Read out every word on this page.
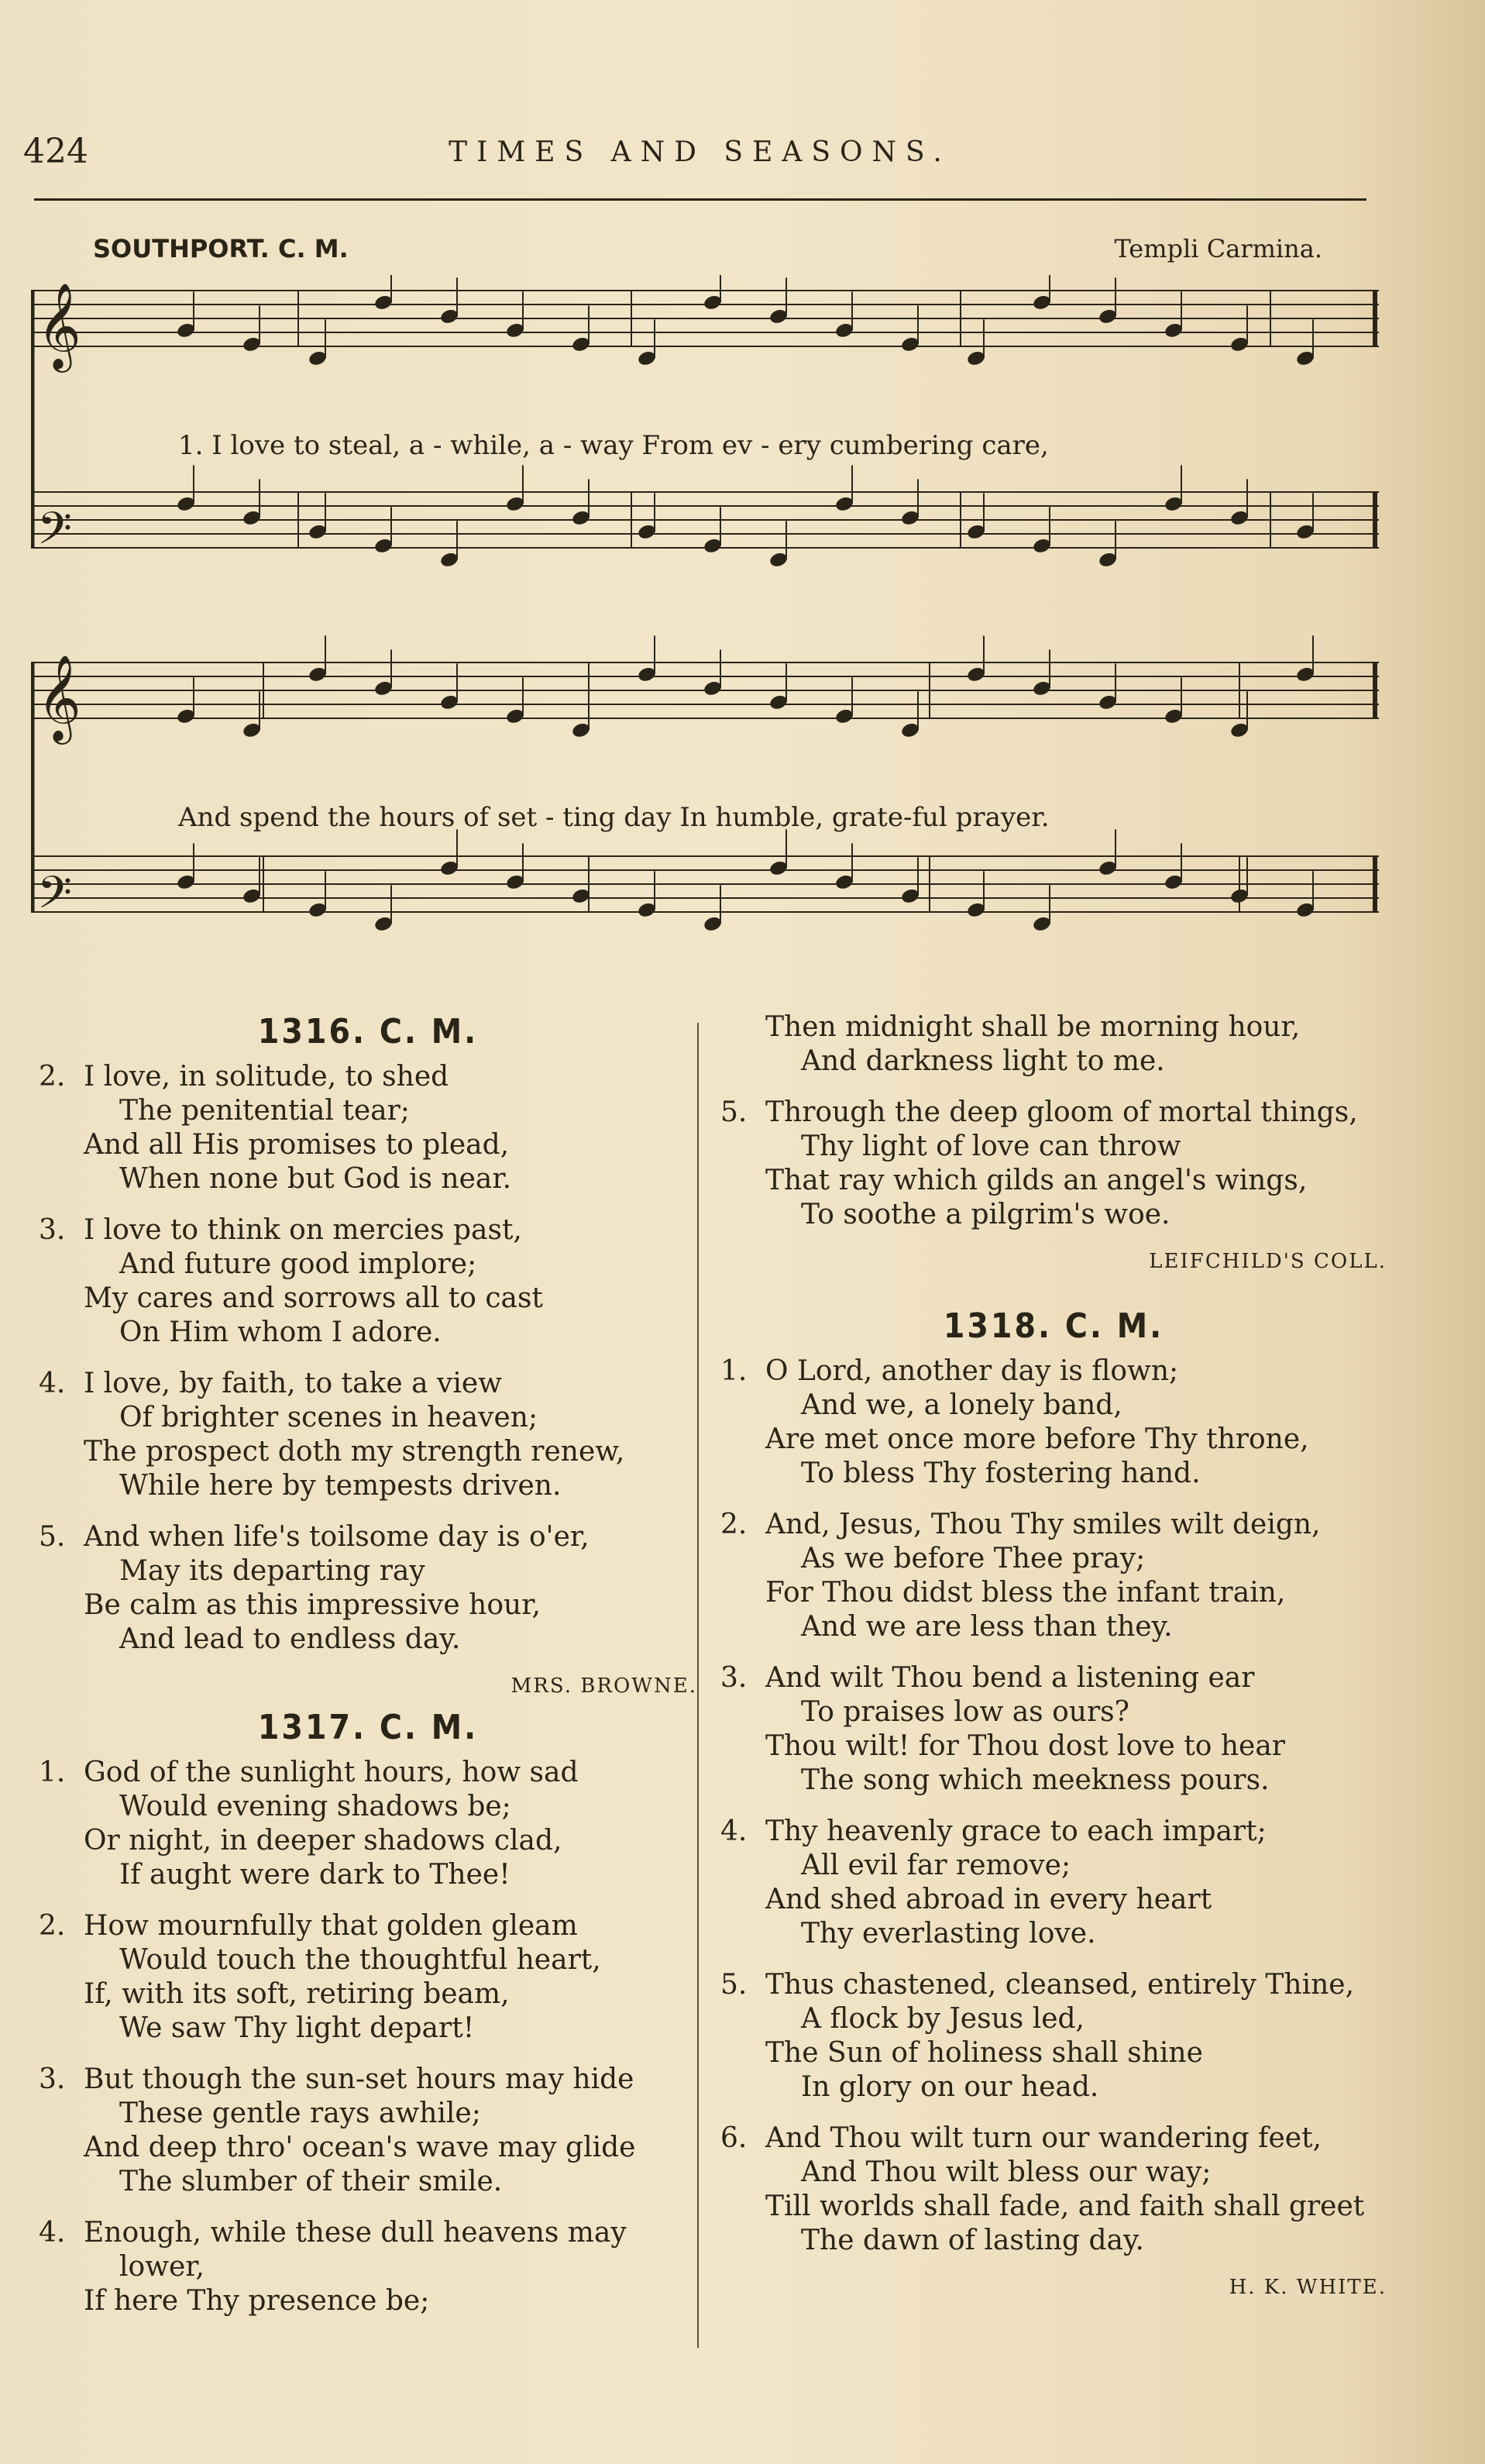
424	TIMES AND SEASONS.
SOUTHPORT. C. M.	Templi Carmina.
𝄞
𝄢
𝄞
𝄢
1. I love to steal, a - while, a - way From ev - ery cumbering care,
And spend the hours of set - ting day In humble, grate-ful prayer.
1316. C. M.
2. I love, in solitude, to shed
The penitential tear;
And all His promises to plead,
When none but God is near.
3. I love to think on mercies past,
And future good implore;
My cares and sorrows all to cast
On Him whom I adore.
4. I love, by faith, to take a view
Of brighter scenes in heaven;
The prospect doth my strength renew,
While here by tempests driven.
5. And when life's toilsome day is o'er,
May its departing ray
Be calm as this impressive hour,
And lead to endless day.
MRS. BROWNE.
1317. C. M.
1. God of the sunlight hours, how sad
Would evening shadows be;
Or night, in deeper shadows clad,
If aught were dark to Thee!
2. How mournfully that golden gleam
Would touch the thoughtful heart,
If, with its soft, retiring beam,
We saw Thy light depart!
3. But though the sun-set hours may hide
These gentle rays awhile;
And deep thro' ocean's wave may glide
The slumber of their smile.
4. Enough, while these dull heavens may
lower,
If here Thy presence be;
Then midnight shall be morning hour,
And darkness light to me.
5. Through the deep gloom of mortal things,
Thy light of love can throw
That ray which gilds an angel's wings,
To soothe a pilgrim's woe.
LEIFCHILD'S COLL.
1318. C. M.
1. O Lord, another day is flown;
And we, a lonely band,
Are met once more before Thy throne,
To bless Thy fostering hand.
2. And, Jesus, Thou Thy smiles wilt deign,
As we before Thee pray;
For Thou didst bless the infant train,
And we are less than they.
3. And wilt Thou bend a listening ear
To praises low as ours?
Thou wilt! for Thou dost love to hear
The song which meekness pours.
4. Thy heavenly grace to each impart;
All evil far remove;
And shed abroad in every heart
Thy everlasting love.
5. Thus chastened, cleansed, entirely Thine,
A flock by Jesus led,
The Sun of holiness shall shine
In glory on our head.
6. And Thou wilt turn our wandering feet,
And Thou wilt bless our way;
Till worlds shall fade, and faith shall greet
The dawn of lasting day.
H. K. WHITE.
